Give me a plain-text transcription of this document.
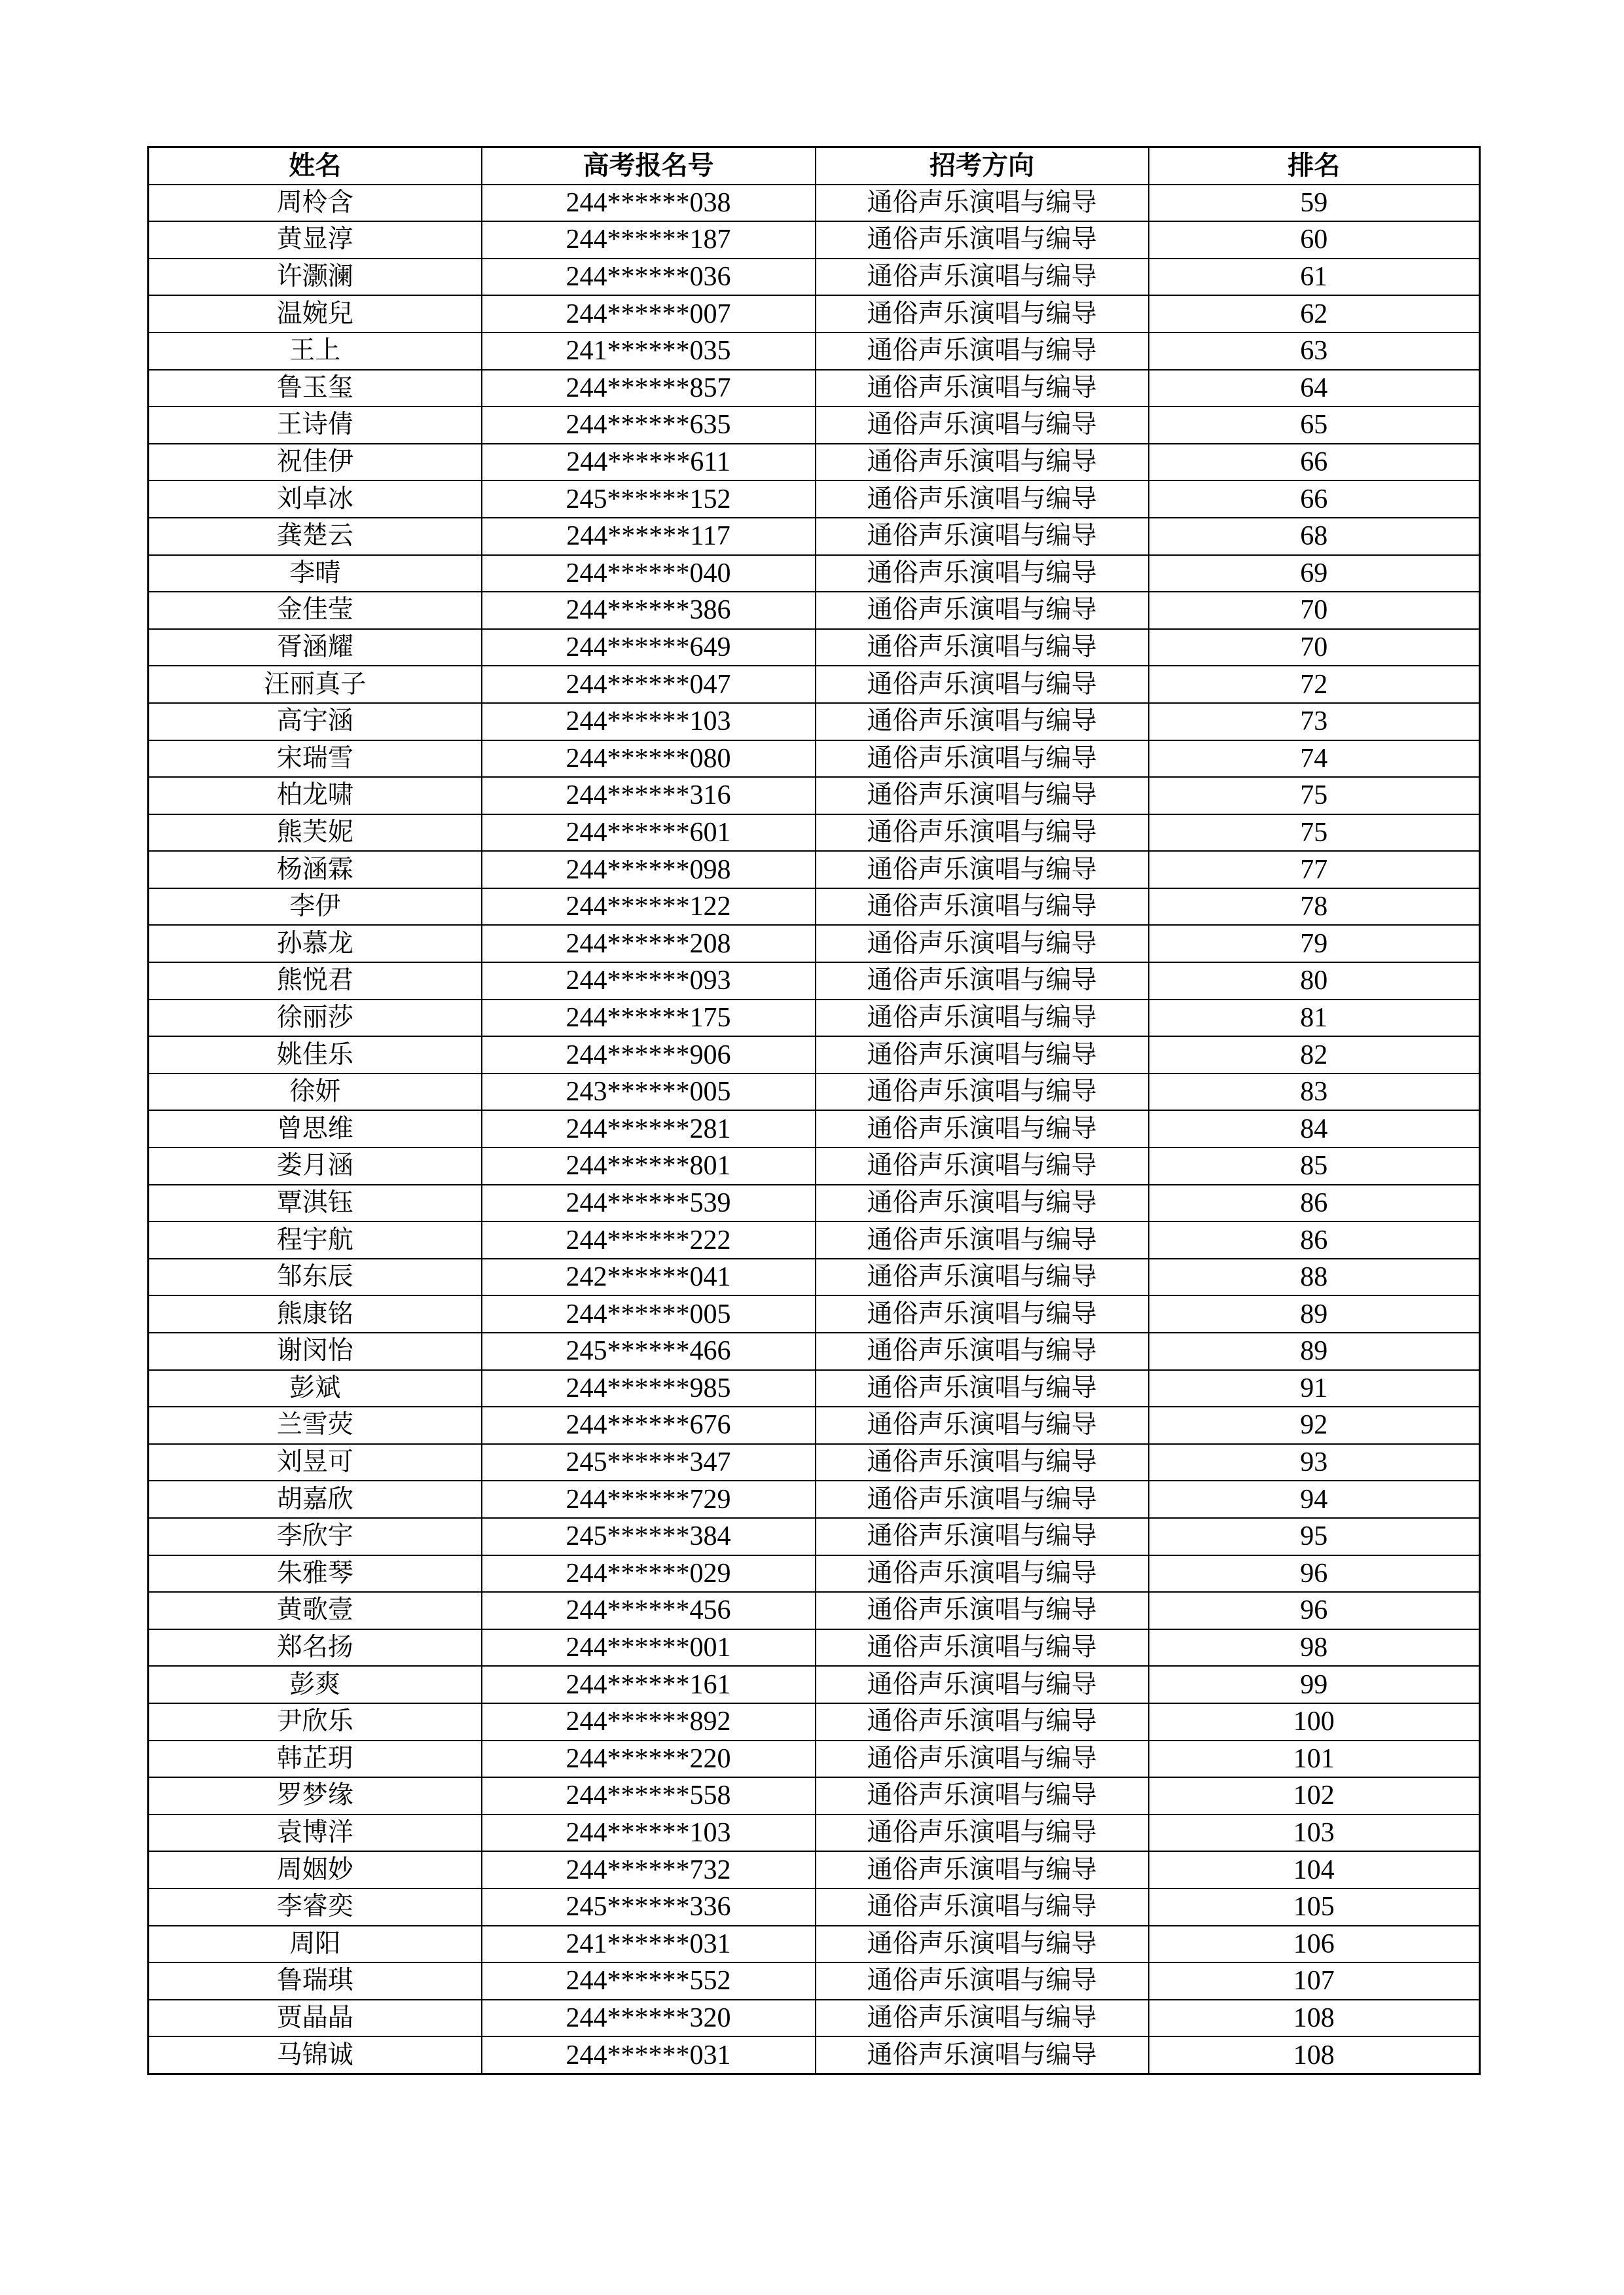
姓名	高考报名号	招考方向	排名
周柃含	244******038	通俗声乐演唱与编导	59
黄显淳	244******187	通俗声乐演唱与编导	60
许灏澜	244******036	通俗声乐演唱与编导	61
温婉兒	244******007	通俗声乐演唱与编导	62
王上	241******035	通俗声乐演唱与编导	63
鲁玉玺	244******857	通俗声乐演唱与编导	64
王诗倩	244******635	通俗声乐演唱与编导	65
祝佳伊	244******611	通俗声乐演唱与编导	66
刘卓冰	245******152	通俗声乐演唱与编导	66
龚楚云	244******117	通俗声乐演唱与编导	68
李晴	244******040	通俗声乐演唱与编导	69
金佳莹	244******386	通俗声乐演唱与编导	70
胥涵耀	244******649	通俗声乐演唱与编导	70
汪丽真子	244******047	通俗声乐演唱与编导	72
高宇涵	244******103	通俗声乐演唱与编导	73
宋瑞雪	244******080	通俗声乐演唱与编导	74
柏龙啸	244******316	通俗声乐演唱与编导	75
熊芙妮	244******601	通俗声乐演唱与编导	75
杨涵霖	244******098	通俗声乐演唱与编导	77
李伊	244******122	通俗声乐演唱与编导	78
孙慕龙	244******208	通俗声乐演唱与编导	79
熊悦君	244******093	通俗声乐演唱与编导	80
徐丽莎	244******175	通俗声乐演唱与编导	81
姚佳乐	244******906	通俗声乐演唱与编导	82
徐妍	243******005	通俗声乐演唱与编导	83
曾思维	244******281	通俗声乐演唱与编导	84
娄月涵	244******801	通俗声乐演唱与编导	85
覃淇钰	244******539	通俗声乐演唱与编导	86
程宇航	244******222	通俗声乐演唱与编导	86
邹东辰	242******041	通俗声乐演唱与编导	88
熊康铭	244******005	通俗声乐演唱与编导	89
谢闵怡	245******466	通俗声乐演唱与编导	89
彭斌	244******985	通俗声乐演唱与编导	91
兰雪荧	244******676	通俗声乐演唱与编导	92
刘昱可	245******347	通俗声乐演唱与编导	93
胡嘉欣	244******729	通俗声乐演唱与编导	94
李欣宇	245******384	通俗声乐演唱与编导	95
朱雅琴	244******029	通俗声乐演唱与编导	96
黄歌壹	244******456	通俗声乐演唱与编导	96
郑名扬	244******001	通俗声乐演唱与编导	98
彭爽	244******161	通俗声乐演唱与编导	99
尹欣乐	244******892	通俗声乐演唱与编导	100
韩芷玥	244******220	通俗声乐演唱与编导	101
罗梦缘	244******558	通俗声乐演唱与编导	102
袁博洋	244******103	通俗声乐演唱与编导	103
周姻妙	244******732	通俗声乐演唱与编导	104
李睿奕	245******336	通俗声乐演唱与编导	105
周阳	241******031	通俗声乐演唱与编导	106
鲁瑞琪	244******552	通俗声乐演唱与编导	107
贾晶晶	244******320	通俗声乐演唱与编导	108
马锦诚	244******031	通俗声乐演唱与编导	108
